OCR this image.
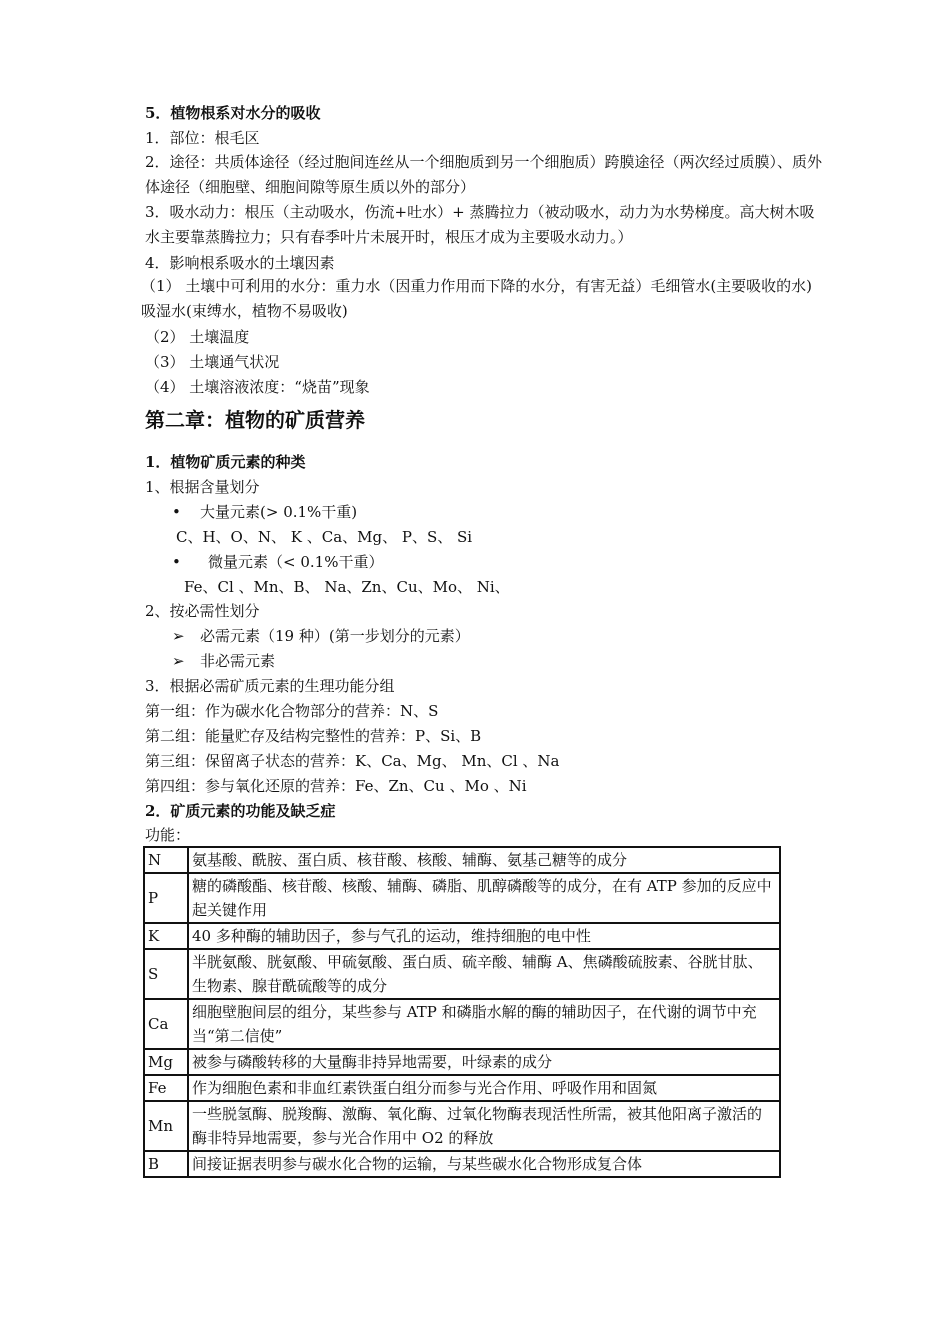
5．植物根系对水分的吸收
1．部位：根毛区
2．途径：共质体途径（经过胞间连丝从一个细胞质到另一个细胞质）跨膜途径（两次经过质膜）、质外体途径（细胞壁、细胞间隙等原生质以外的部分）
3．吸水动力：根压（主动吸水，伤流+吐水）+ 蒸腾拉力（被动吸水，动力为水势梯度。高大树木吸水主要靠蒸腾拉力；只有春季叶片未展开时，根压才成为主要吸水动力。）
4．影响根系吸水的土壤因素
（1） 土壤中可利用的水分：重力水（因重力作用而下降的水分，有害无益）毛细管水(主要吸收的水) 吸湿水(束缚水，植物不易吸收)
（2） 土壤温度
（3） 土壤通气状况
（4） 土壤溶液浓度：“烧苗”现象
第二章：植物的矿质营养
1．植物矿质元素的种类
1、根据含量划分
• 大量元素(> 0.1%干重)
C、H、O、N、 K 、Ca、Mg、 P、S、 Si
• 微量元素（< 0.1%干重）
Fe、Cl 、Mn、B、 Na、Zn、Cu、Mo、 Ni、
2、按必需性划分
➢ 必需元素（19 种）(第一步划分的元素）
➢ 非必需元素
3．根据必需矿质元素的生理功能分组
第一组：作为碳水化合物部分的营养：N、S
第二组：能量贮存及结构完整性的营养：P、Si、B
第三组：保留离子状态的营养：K、Ca、Mg、 Mn、Cl 、Na
第四组：参与氧化还原的营养：Fe、Zn、Cu 、Mo 、Ni
2．矿质元素的功能及缺乏症
功能：
N	氨基酸、酰胺、蛋白质、核苷酸、核酸、辅酶、氨基己糖等的成分
P	糖的磷酸酯、核苷酸、核酸、辅酶、磷脂、肌醇磷酸等的成分，在有 ATP 参加的反应中起关键作用
K	40 多种酶的辅助因子，参与气孔的运动，维持细胞的电中性
S	半胱氨酸、胱氨酸、甲硫氨酸、蛋白质、硫辛酸、辅酶 A、焦磷酸硫胺素、谷胱甘肽、生物素、腺苷酰硫酸等的成分
Ca	细胞壁胞间层的组分，某些参与 ATP 和磷脂水解的酶的辅助因子，在代谢的调节中充当“第二信使”
Mg	被参与磷酸转移的大量酶非持异地需要，叶绿素的成分
Fe	作为细胞色素和非血红素铁蛋白组分而参与光合作用、呼吸作用和固氮
Mn	一些脱氢酶、脱羧酶、激酶、氧化酶、过氧化物酶表现活性所需，被其他阳离子激活的酶非特异地需要，参与光合作用中 O2 的释放
B	间接证据表明参与碳水化合物的运输，与某些碳水化合物形成复合体
